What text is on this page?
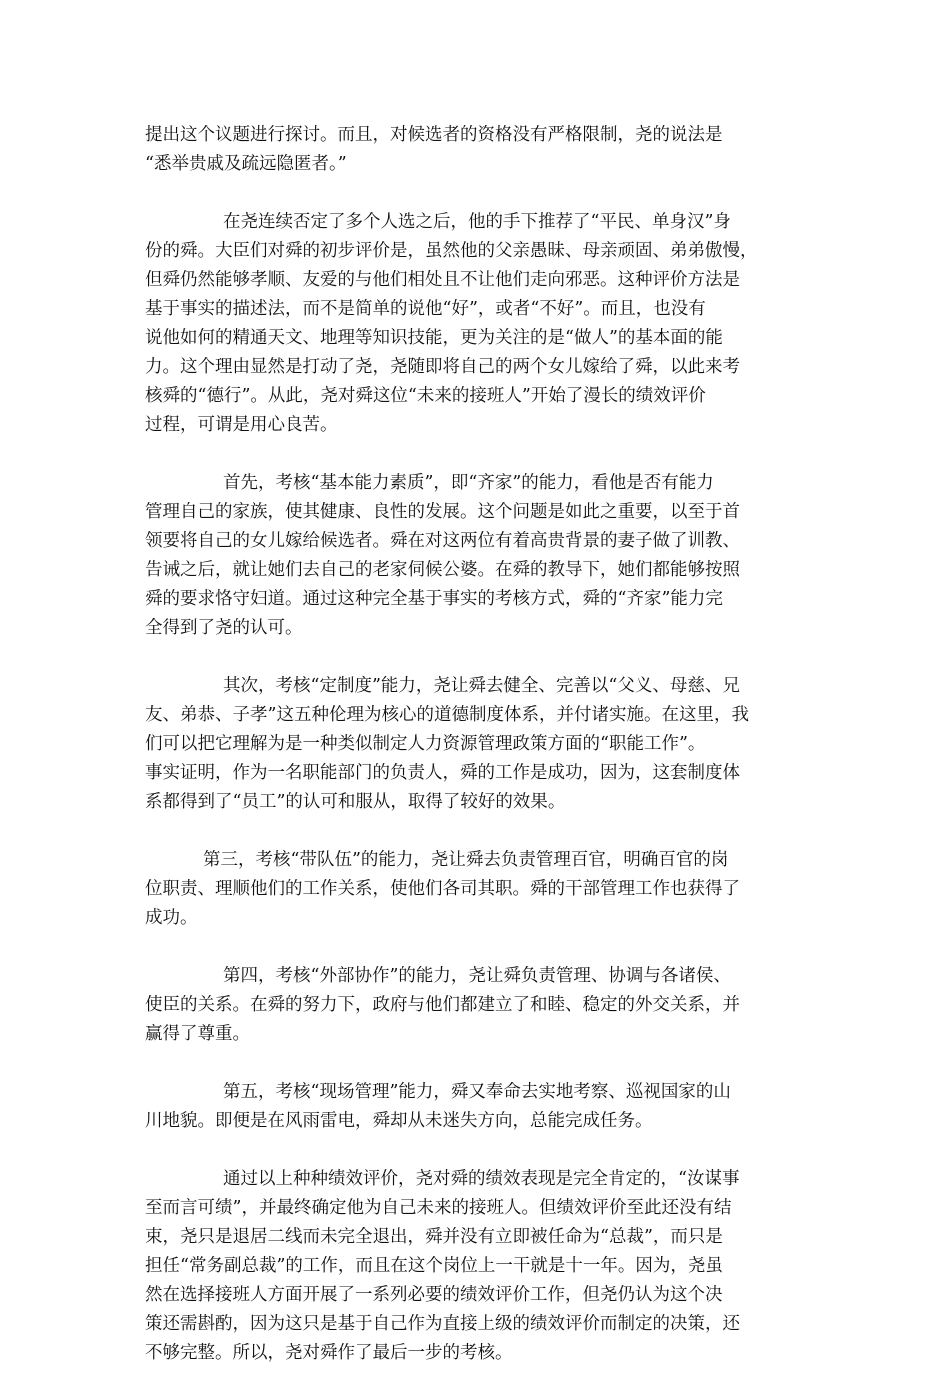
提出这个议题进行探讨。而且，对候选者的资格没有严格限制，尧的说法是
“悉举贵戚及疏远隐匿者。”

在尧连续否定了多个人选之后，他的手下推荐了“平民、单身汉”身
份的舜。大臣们对舜的初步评价是，虽然他的父亲愚昧、母亲顽固、弟弟傲慢，
但舜仍然能够孝顺、友爱的与他们相处且不让他们走向邪恶。这种评价方法是
基于事实的描述法，而不是简单的说他“好”，或者“不好”。而且，也没有
说他如何的精通天文、地理等知识技能，更为关注的是“做人”的基本面的能
力。这个理由显然是打动了尧，尧随即将自己的两个女儿嫁给了舜，以此来考
核舜的“德行”。从此，尧对舜这位“未来的接班人”开始了漫长的绩效评价
过程，可谓是用心良苦。

首先，考核“基本能力素质”，即“齐家”的能力，看他是否有能力
管理自己的家族，使其健康、良性的发展。这个问题是如此之重要，以至于首
领要将自己的女儿嫁给候选者。舜在对这两位有着高贵背景的妻子做了训教、
告诫之后，就让她们去自己的老家伺候公婆。在舜的教导下，她们都能够按照
舜的要求恪守妇道。通过这种完全基于事实的考核方式，舜的“齐家”能力完
全得到了尧的认可。

其次，考核“定制度”能力，尧让舜去健全、完善以“父义、母慈、兄
友、弟恭、子孝”这五种伦理为核心的道德制度体系，并付诸实施。在这里，我
们可以把它理解为是一种类似制定人力资源管理政策方面的“职能工作”。
事实证明，作为一名职能部门的负责人，舜的工作是成功，因为，这套制度体
系都得到了“员工”的认可和服从，取得了较好的效果。

第三，考核“带队伍”的能力，尧让舜去负责管理百官，明确百官的岗
位职责、理顺他们的工作关系，使他们各司其职。舜的干部管理工作也获得了
成功。

第四，考核“外部协作”的能力，尧让舜负责管理、协调与各诸侯、
使臣的关系。在舜的努力下，政府与他们都建立了和睦、稳定的外交关系，并
赢得了尊重。

第五，考核“现场管理”能力，舜又奉命去实地考察、巡视国家的山
川地貌。即便是在风雨雷电，舜却从未迷失方向，总能完成任务。

通过以上种种绩效评价，尧对舜的绩效表现是完全肯定的，“汝谋事
至而言可绩”，并最终确定他为自己未来的接班人。但绩效评价至此还没有结
束，尧只是退居二线而未完全退出，舜并没有立即被任命为“总裁”，而只是
担任“常务副总裁”的工作，而且在这个岗位上一干就是十一年。因为，尧虽
然在选择接班人方面开展了一系列必要的绩效评价工作，但尧仍认为这个决
策还需斟酌，因为这只是基于自己作为直接上级的绩效评价而制定的决策，还
不够完整。所以，尧对舜作了最后一步的考核。
